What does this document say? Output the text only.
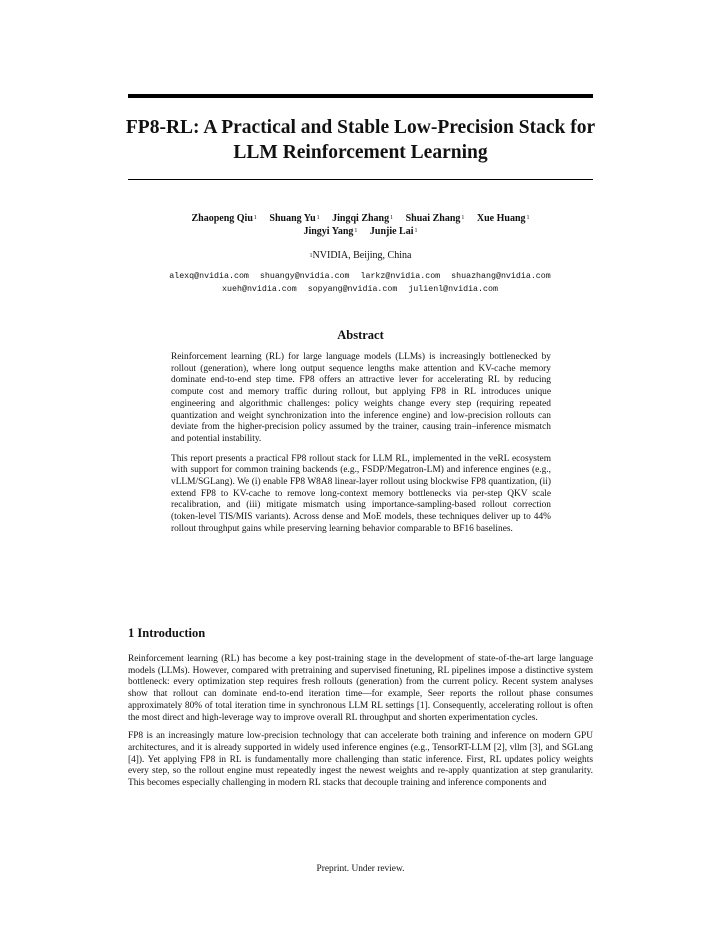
FP8-RL: A Practical and Stable Low-Precision Stack for LLM Reinforcement Learning
Zhaopeng Qiu$^1$ Shuang Yu$^1$ Jingqi Zhang$^1$ Shuai Zhang$^1$ Xue Huang$^1$
Jingyi Yang$^1$ Junjie Lai$^1$
$^1$NVIDIA, Beijing, China
alexq@nvidia.com shuangy@nvidia.com larkz@nvidia.com shuazhang@nvidia.com
xueh@nvidia.com sopyang@nvidia.com julienl@nvidia.com
Abstract

Reinforcement learning (RL) for large language models (LLMs) is increasingly bottlenecked by rollout (generation), where long output sequence lengths make attention and KV-cache memory dominate end-to-end step time. FP8 offers an attractive lever for accelerating RL by reducing compute cost and memory traffic during rollout, but applying FP8 in RL introduces unique engineering and algorithmic challenges: policy weights change every step (requiring repeated quantization and weight synchronization into the inference engine) and low-precision rollouts can deviate from the higher-precision policy assumed by the trainer, causing train–inference mismatch and potential instability.

This report presents a practical FP8 rollout stack for LLM RL, implemented in the veRL ecosystem with support for common training backends (e.g., FSDP/Megatron-LM) and inference engines (e.g., vLLM/SGLang). We (i) enable FP8 W8A8 linear-layer rollout using blockwise FP8 quantization, (ii) extend FP8 to KV-cache to remove long-context memory bottlenecks via per-step QKV scale recalibration, and (iii) mitigate mismatch using importance-sampling-based rollout correction (token-level TIS/MIS variants). Across dense and MoE models, these techniques deliver up to 44% rollout throughput gains while preserving learning behavior comparable to BF16 baselines.

1 Introduction

Reinforcement learning (RL) has become a key post-training stage in the development of state-of-the-art large language models (LLMs). However, compared with pretraining and supervised finetuning, RL pipelines impose a distinctive system bottleneck: every optimization step requires fresh rollouts (generation) from the current policy. Recent system analyses show that rollout can dominate end-to-end iteration time—for example, Seer reports the rollout phase consumes approximately 80% of total iteration time in synchronous LLM RL settings [1]. Consequently, accelerating rollout is often the most direct and high-leverage way to improve overall RL throughput and shorten experimentation cycles.

FP8 is an increasingly mature low-precision technology that can accelerate both training and inference on modern GPU architectures, and it is already supported in widely used inference engines (e.g., TensorRT-LLM [2], vllm [3], and SGLang [4]). Yet applying FP8 in RL is fundamentally more challenging than static inference. First, RL updates policy weights every step, so the rollout engine must repeatedly ingest the newest weights and re-apply quantization at step granularity. This becomes especially challenging in modern RL stacks that decouple training and inference components and

Preprint. Under review.
